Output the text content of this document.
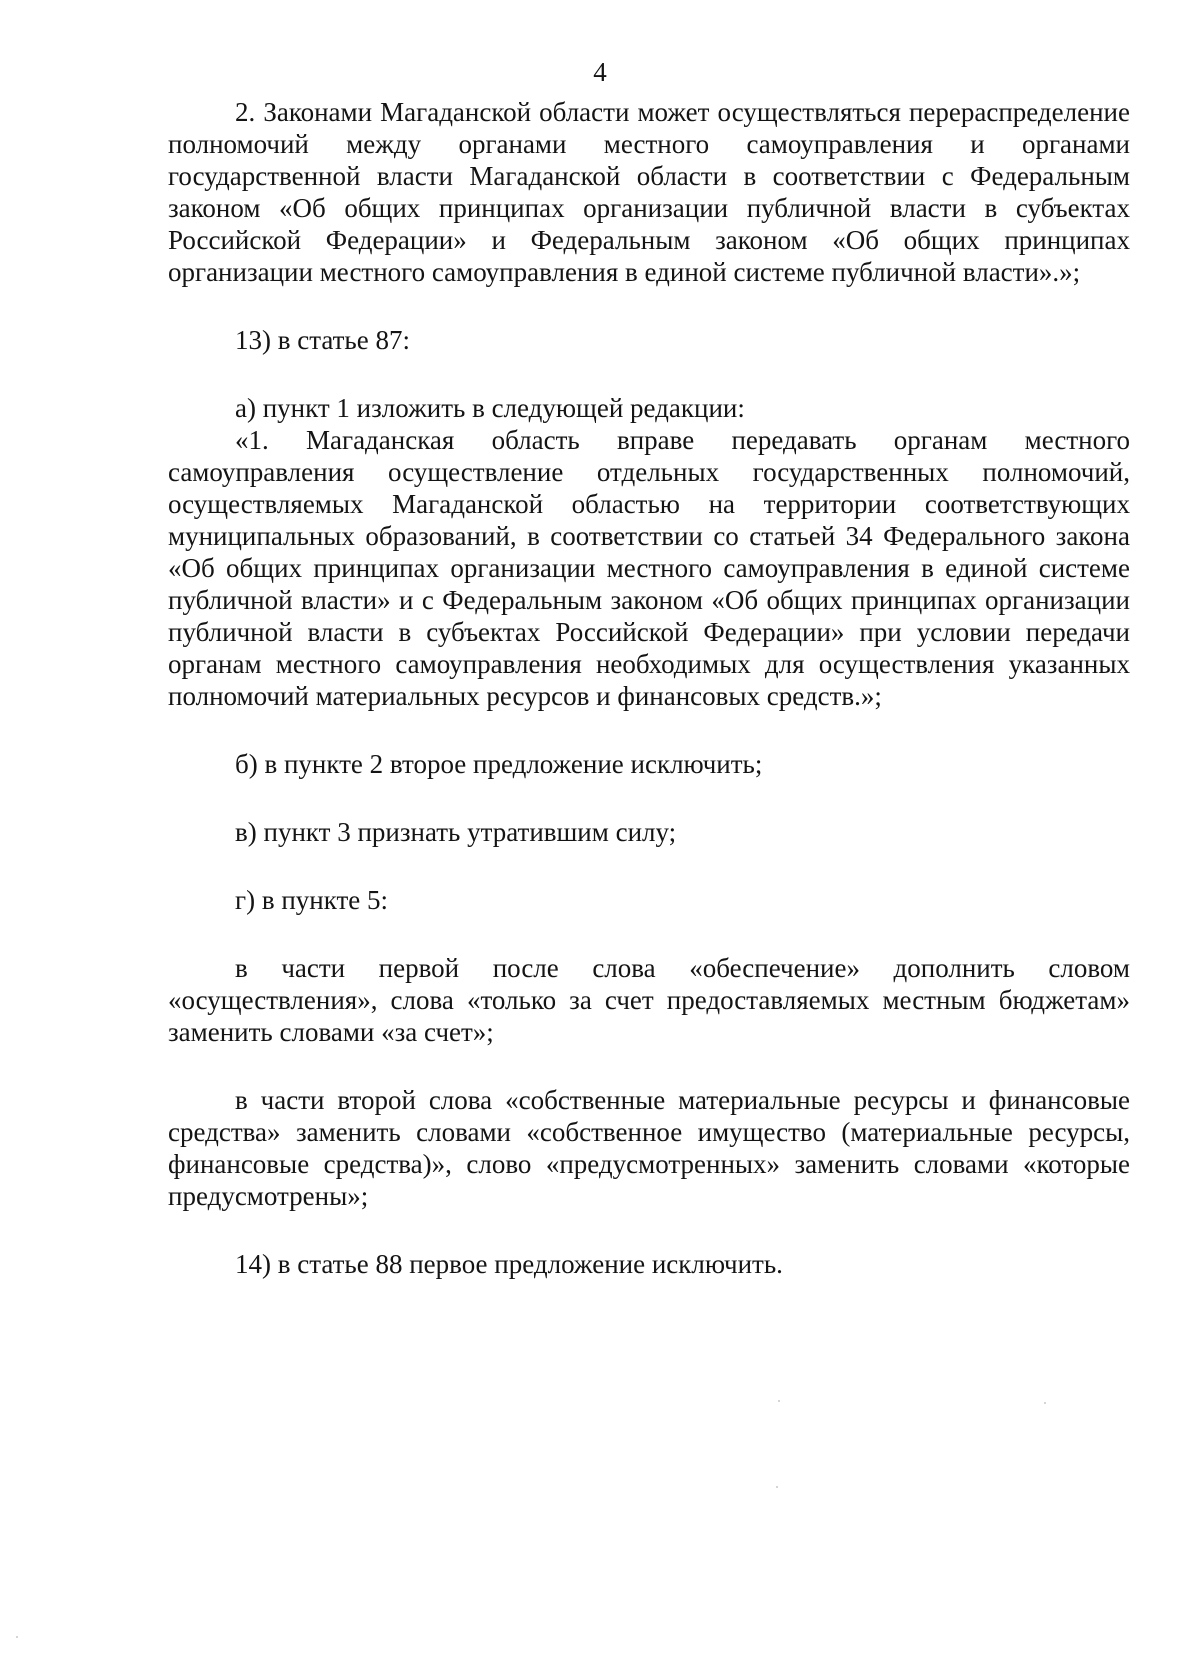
4

2. Законами Магаданской области может осуществляться перераспределение полномочий между органами местного самоуправления и органами государственной власти Магаданской области в соответствии с Федеральным законом «Об общих принципах организации публичной власти в субъектах Российской Федерации» и Федеральным законом «Об общих принципах организации местного самоуправления в единой системе публичной власти».»;

13) в статье 87:

а) пункт 1 изложить в следующей редакции:

«1. Магаданская область вправе передавать органам местного самоуправления осуществление отдельных государственных полномочий, осуществляемых Магаданской областью на территории соответствующих муниципальных образований, в соответствии со статьей 34 Федерального закона «Об общих принципах организации местного самоуправления в единой системе публичной власти» и с Федеральным законом «Об общих принципах организации публичной власти в субъектах Российской Федерации» при условии передачи органам местного самоуправления необходимых для осуществления указанных полномочий материальных ресурсов и финансовых средств.»;

б) в пункте 2 второе предложение исключить;

в) пункт 3 признать утратившим силу;

г) в пункте 5:

в части первой после слова «обеспечение» дополнить словом «осуществления», слова «только за счет предоставляемых местным бюджетам» заменить словами «за счет»;

в части второй слова «собственные материальные ресурсы и финансовые средства» заменить словами «собственное имущество (материальные ресурсы, финансовые средства)», слово «предусмотренных» заменить словами «которые предусмотрены»;

14) в статье 88 первое предложение исключить.
